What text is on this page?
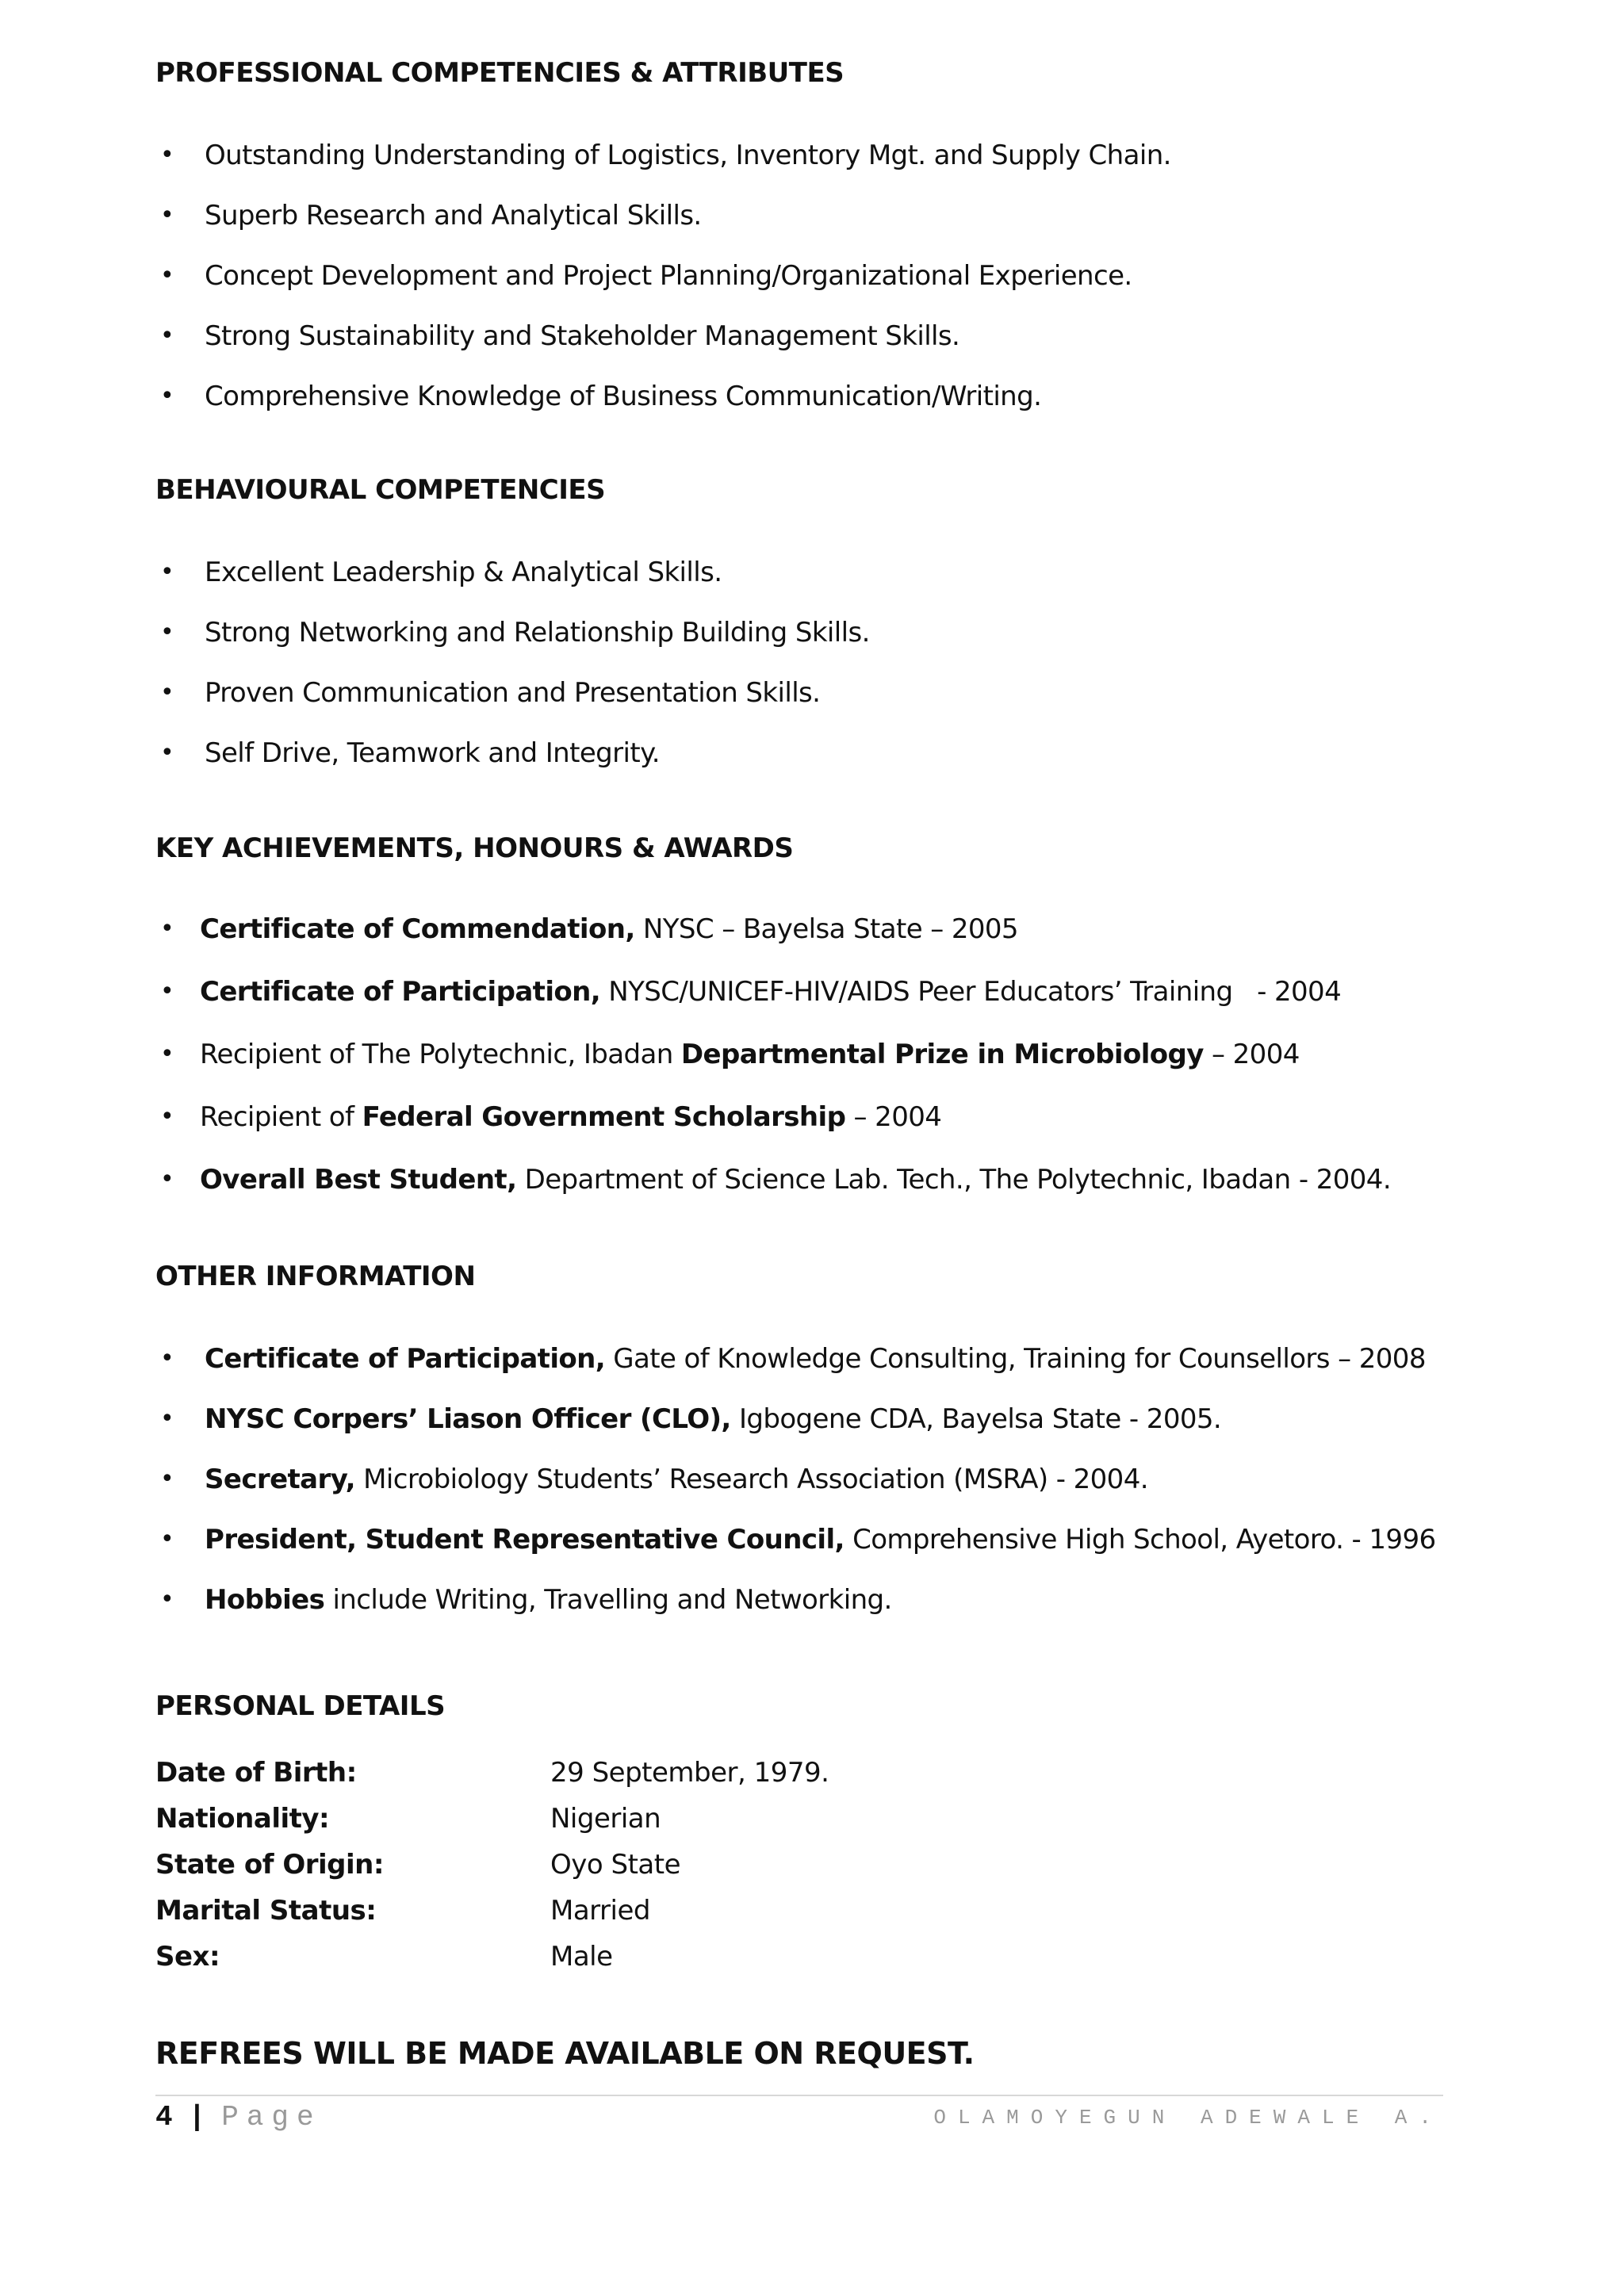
PROFESSIONAL COMPETENCIES & ATTRIBUTES
• Outstanding Understanding of Logistics, Inventory Mgt. and Supply Chain.
• Superb Research and Analytical Skills.
• Concept Development and Project Planning/Organizational Experience.
• Strong Sustainability and Stakeholder Management Skills.
• Comprehensive Knowledge of Business Communication/Writing.
BEHAVIOURAL COMPETENCIES
• Excellent Leadership & Analytical Skills.
• Strong Networking and Relationship Building Skills.
• Proven Communication and Presentation Skills.
• Self Drive, Teamwork and Integrity.
KEY ACHIEVEMENTS, HONOURS & AWARDS
• Certificate of Commendation, NYSC – Bayelsa State – 2005
• Certificate of Participation, NYSC/UNICEF-HIV/AIDS Peer Educators’ Training   - 2004
• Recipient of The Polytechnic, Ibadan Departmental Prize in Microbiology – 2004
• Recipient of Federal Government Scholarship – 2004
• Overall Best Student, Department of Science Lab. Tech., The Polytechnic, Ibadan - 2004.
OTHER INFORMATION
• Certificate of Participation, Gate of Knowledge Consulting, Training for Counsellors – 2008
• NYSC Corpers’ Liason Officer (CLO), Igbogene CDA, Bayelsa State - 2005.
• Secretary, Microbiology Students’ Research Association (MSRA) - 2004.
• President, Student Representative Council, Comprehensive High School, Ayetoro. - 1996
• Hobbies include Writing, Travelling and Networking.
PERSONAL DETAILS
Date of Birth:	29 September, 1979.
Nationality:	Nigerian
State of Origin:	Oyo State
Marital Status:	Married
Sex:	Male
REFREES WILL BE MADE AVAILABLE ON REQUEST.
4 | Page	OLAMOYEGUN ADEWALE A.
